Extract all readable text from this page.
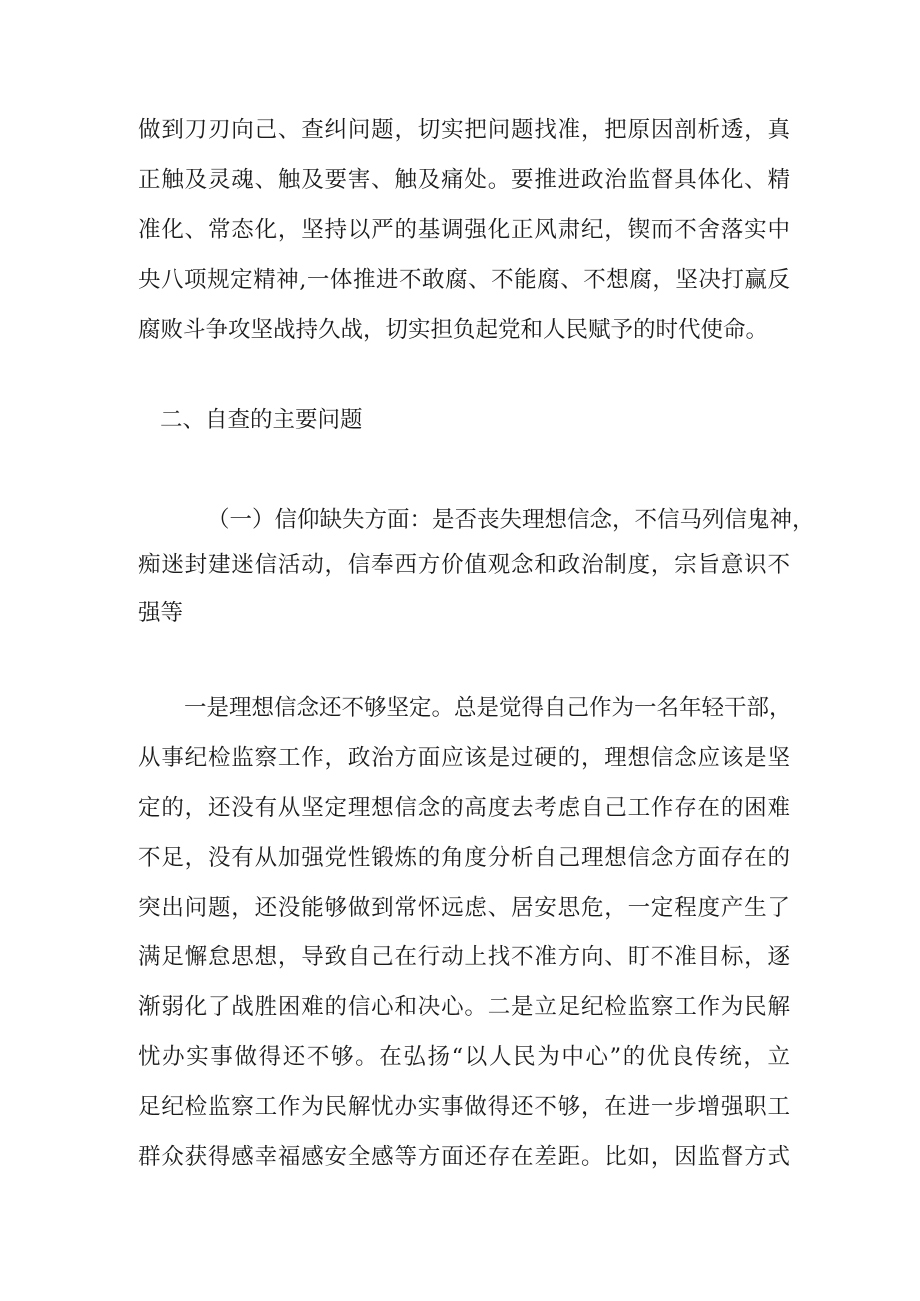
做到刀刃向己、查纠问题，切实把问题找准，把原因剖析透，真
正触及灵魂、触及要害、触及痛处。要推进政治监督具体化、精
准化、常态化，坚持以严的基调强化正风肃纪，锲而不舍落实中
央八项规定精神,一体推进不敢腐、不能腐、不想腐，坚决打赢反
腐败斗争攻坚战持久战，切实担负起党和人民赋予的时代使命。
二、自查的主要问题
（一）信仰缺失方面：是否丧失理想信念，不信马列信鬼神，
痴迷封建迷信活动，信奉西方价值观念和政治制度，宗旨意识不
强等
一是理想信念还不够坚定。总是觉得自己作为一名年轻干部，
从事纪检监察工作，政治方面应该是过硬的，理想信念应该是坚
定的，还没有从坚定理想信念的高度去考虑自己工作存在的困难
不足，没有从加强党性锻炼的角度分析自己理想信念方面存在的
突出问题，还没能够做到常怀远虑、居安思危，一定程度产生了
满足懈怠思想，导致自己在行动上找不准方向、盯不准目标，逐
渐弱化了战胜困难的信心和决心。二是立足纪检监察工作为民解
忧办实事做得还不够。在弘扬“以人民为中心”的优良传统，立
足纪检监察工作为民解忧办实事做得还不够，在进一步增强职工
群众获得感幸福感安全感等方面还存在差距。比如，因监督方式
